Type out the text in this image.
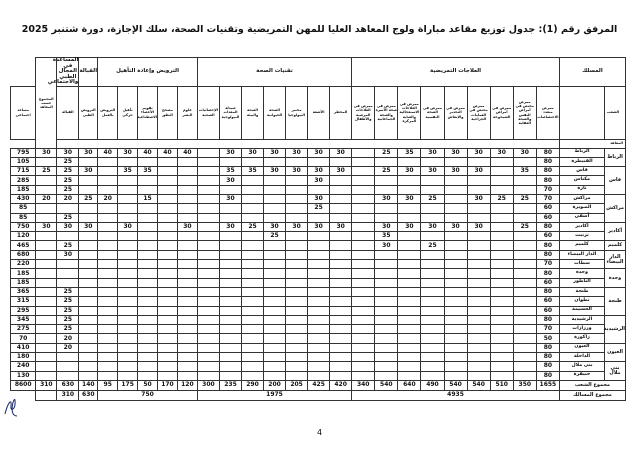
المرفق رقم (1): جدول توزيع مقاعد مباراة ولوج المعاهد العليا للمهن التمريضية وتقنيات الصحة، سلك الإجازة، دورة شتنبر 2025
المسلك		العلاجات التمريضية									تقنيات الصحة							الترويض وإعادة التأهيل					القبالة	المساعدة في المجال الطبي والاجتماعي	المجموع حسب المعاهد	
الشعب		ممرض متعدد الاختصاصات	ممرض مختص في أمراض النفس والصحة العقلية	ممرض في أمراض الشيخوخة	ممرض مختص في العمليات الجراحية	ممرض في التخدير والإنعاش	ممرض في الصحة النفسية	ممرض في العلاجات الاستعجالية والعناية المركزة	ممرض في صحة الأسرة والصحة الجماعاتية	ممرض في العلاجات المرضية والأطفال	المخطر	الأشعة	مختبر البيولوجيا	الصحة الحيوانية	الصحة والبيئة	صيدلة المعدات البيولوجية	الإحصائيات الصحية	علوم البصر	مصحح النطق	تقويم الأعضاء الاصطناعية	تأهيل حركي	الترويض بالعمل	الترويض الطبي	القبالة		مساعد اجتماعي
المعاهد																										
الرباط	الرباط	80	30	30	30	30	30	35	25		30	30	30	30	30	30		40	40	40	30	40	30	30	30	795
	القنيطرة	80																						25		105
فاس	فاس	80	35		30	30	30	30	25		30	30	30	30	35	35				35	35		30	25	25	715
	مكناس	80										30				30								25		285
	تازة	70																						25		185
مراكش	مراكش	70	25	25	30		25	30	30			30				30				15		20	25	20	20	430
	الصويرة	60										25														85
	آسفي	60																						25		85
أكادير	أكادير	80	25		30	30	30	30	30		30	30	30	30	25	30		30			30		30	30	30	750
	تزنيت	60							35					25												120
كلميم	كلميم	80					25		30															25		465
الدار البيضاء	الدار البيضاء	80																						30		680
	سطات	70																								220
وجدة	وجدة	80																								185
	الناظور	60																								185
طنجة	طنجة	80																						25		365
	تطوان	60																						25		315
	الحسيمة	60																						25		295
الرشيدية	الرشيدية	80																						25		345
	ورزازات	70																						25		275
	زاكورة	50																						20		70
العيون	العيون	80																						20		410
	الداخلة	80																								180
بني ملال	بني ملال	80																								240
	خنيفرة	80																								130
مجموع الشعب		1655	350	510	540	540	490	640	540	340	420	425	205	200	290	235	300	120	170	50	175	95	140	630	310	8600
مجموع المسالك		4935									1975							750					630	310		
4
